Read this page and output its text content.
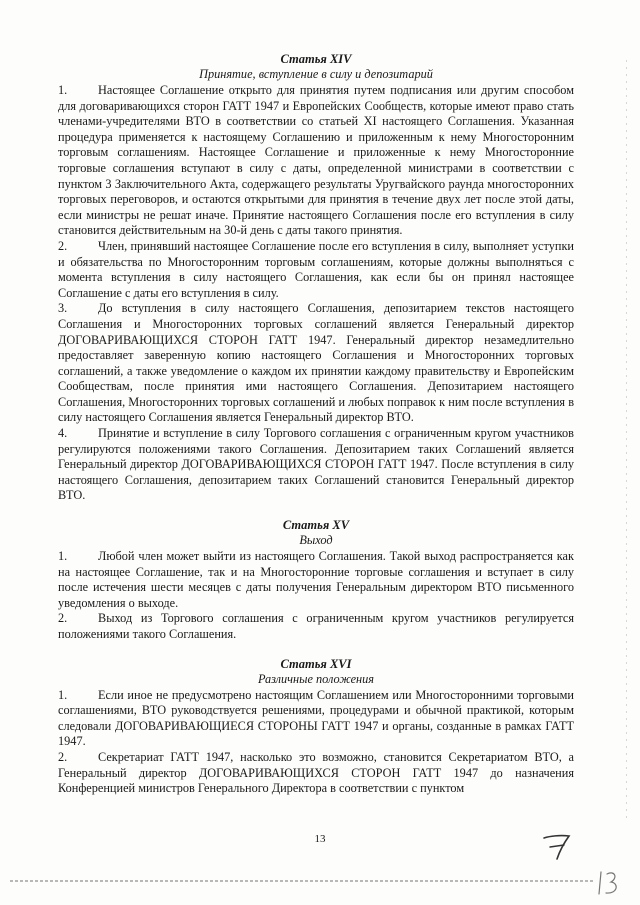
Статья XIV

Принятие, вступление в силу и депозитарий

1.	Настоящее Соглашение открыто для принятия путем подписания или другим способом для договаривающихся сторон ГАТТ 1947 и Европейских Сообществ, которые имеют право стать членами-учредителями ВТО в соответствии со статьей XI настоящего Соглашения. Указанная процедура применяется к настоящему Соглашению и приложенным к нему Многосторонним торговым соглашениям. Настоящее Соглашение и приложенные к нему Многосторонние торговые соглашения вступают в силу с даты, определенной министрами в соответствии с пунктом 3 Заключительного Акта, содержащего результаты Уругвайского раунда многосторонних торговых переговоров, и остаются открытыми для принятия в течение двух лет после этой даты, если министры не решат иначе. Принятие настоящего Соглашения после его вступления в силу становится действительным на 30-й день с даты такого принятия.

2.	Член, принявший настоящее Соглашение после его вступления в силу, выполняет уступки и обязательства по Многосторонним торговым соглашениям, которые должны выполняться с момента вступления в силу настоящего Соглашения, как если бы он принял настоящее Соглашение с даты его вступления в силу.

3.	До вступления в силу настоящего Соглашения, депозитарием текстов настоящего Соглашения и Многосторонних торговых соглашений является Генеральный директор ДОГОВАРИВАЮЩИХСЯ СТОРОН ГАТТ 1947. Генеральный директор незамедлительно предоставляет заверенную копию настоящего Соглашения и Многосторонних торговых соглашений, а также уведомление о каждом их принятии каждому правительству и Европейским Сообществам, после принятия ими настоящего Соглашения. Депозитарием настоящего Соглашения, Многосторонних торговых соглашений и любых поправок к ним после вступления в силу настоящего Соглашения является Генеральный директор ВТО.

4.	Принятие и вступление в силу Торгового соглашения с ограниченным кругом участников регулируются положениями такого Соглашения. Депозитарием таких Соглашений является Генеральный директор ДОГОВАРИВАЮЩИХСЯ СТОРОН ГАТТ 1947. После вступления в силу настоящего Соглашения, депозитарием таких Соглашений становится Генеральный директор ВТО.

Статья XV

Выход

1.	Любой член может выйти из настоящего Соглашения. Такой выход распространяется как на настоящее Соглашение, так и на Многосторонние торговые соглашения и вступает в силу после истечения шести месяцев с даты получения Генеральным директором ВТО письменного уведомления о выходе.

2.	Выход из Торгового соглашения с ограниченным кругом участников регулируется положениями такого Соглашения.

Статья XVI

Различные положения

1.	Если иное не предусмотрено настоящим Соглашением или Многосторонними торговыми соглашениями, ВТО руководствуется решениями, процедурами и обычной практикой, которым следовали ДОГОВАРИВАЮЩИЕСЯ СТОРОНЫ ГАТТ 1947 и органы, созданные в рамках ГАТТ 1947.

2.	Секретариат ГАТТ 1947, насколько это возможно, становится Секретариатом ВТО, а Генеральный директор ДОГОВАРИВАЮЩИХСЯ СТОРОН ГАТТ 1947 до назначения Конференцией министров Генерального Директора в соответствии с пунктом

13
